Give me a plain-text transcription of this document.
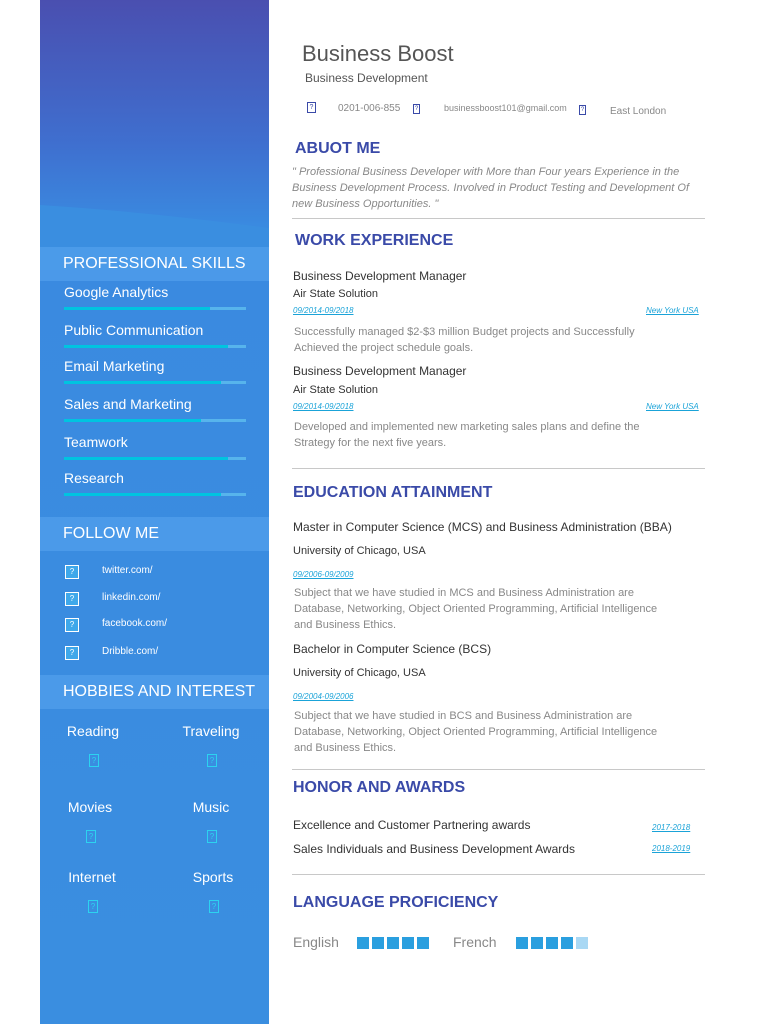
PROFESSIONAL SKILLS
Google Analytics
Public Communication
Email Marketing
Sales and Marketing
Teamwork
Research
FOLLOW ME
?	twitter.com/
?	linkedin.com/
?	facebook.com/
?	Dribble.com/
HOBBIES AND INTEREST
Reading
?
Traveling
?
Movies
?
Music
?
Internet
?
Sports
?
Business Boost
Business Development
? 0201-006-855	?	businessboost101@gmail.com	?	East London
ABUOT ME
" Professional Business Developer with More than Four years Experience in the
Business Development Process. Involved in Product Testing and Development Of
new Business Opportunities. "
WORK EXPERIENCE
Business Development Manager
Air State Solution
09/2014-09/2018	New York USA
Successfully managed $2-$3 million Budget projects and Successfully
Achieved the project schedule goals.
Business Development Manager
Air State Solution
09/2014-09/2018	New York USA
Developed and implemented new marketing sales plans and define the
Strategy for the next five years.
EDUCATION ATTAINMENT
Master in Computer Science (MCS) and Business Administration (BBA)
University of Chicago, USA
09/2006-09/2009
Subject that we have studied in MCS and Business Administration are
Database, Networking, Object Oriented Programming, Artificial Intelligence
and Business Ethics.
Bachelor in Computer Science (BCS)
University of Chicago, USA
09/2004-09/2006
Subject that we have studied in BCS and Business Administration are
Database, Networking, Object Oriented Programming, Artificial Intelligence
and Business Ethics.
HONOR AND AWARDS
Excellence and Customer Partnering awards	2017-2018
Sales Individuals and Business Development Awards	2018-2019
LANGUAGE PROFICIENCY
English	French
